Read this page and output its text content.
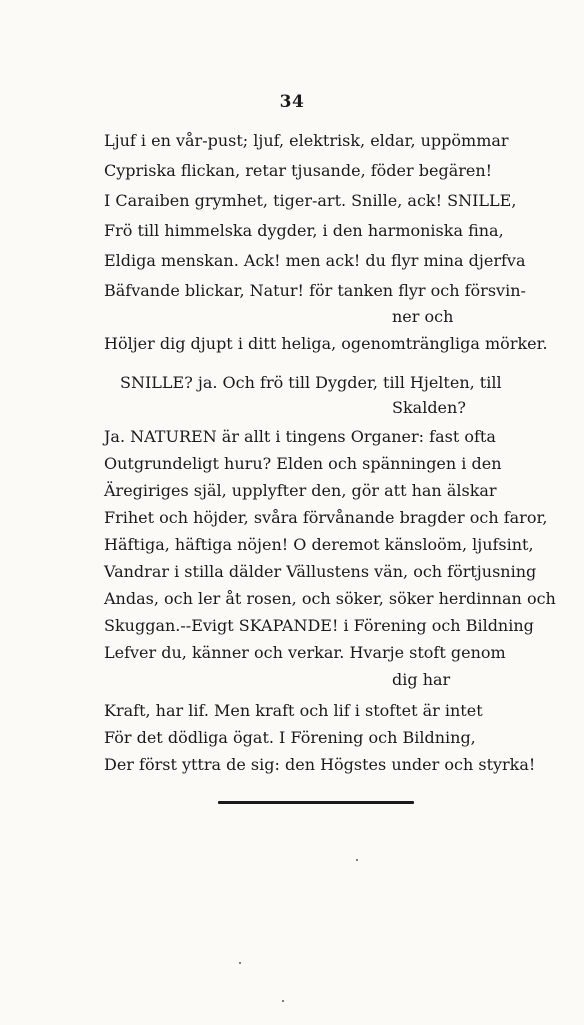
34
Ljuf i en vår-pust; ljuf, elektrisk, eldar, uppömmar
Cypriska flickan, retar tjusande, föder begären!
I Caraiben grymhet, tiger-art. Snille, ack! SNILLE,
Frö till himmelska dygder, i den harmoniska fina,
Eldiga menskan. Ack! men ack! du flyr mina djerfva
Bäfvande blickar, Natur! för tanken flyr och försvin-
ner och
Höljer dig djupt i ditt heliga, ogenomträngliga mörker.
SNILLE? ja. Och frö till Dygder, till Hjelten, till
Skalden?
Ja. NATUREN är allt i tingens Organer: fast ofta
Outgrundeligt huru? Elden och spänningen i den
Äregiriges själ, upplyfter den, gör att han älskar
Frihet och höjder, svåra förvånande bragder och faror,
Häftiga, häftiga nöjen! O deremot känsloöm, ljufsint,
Vandrar i stilla dälder Vällustens vän, och förtjusning
Andas, och ler åt rosen, och söker, söker herdinnan och
Skuggan.--Evigt SKAPANDE! i Förening och Bildning
Lefver du, känner och verkar. Hvarje stoft genom
dig har
Kraft, har lif. Men kraft och lif i stoftet är intet
För det dödliga ögat. I Förening och Bildning,
Der först yttra de sig: den Högstes under och styrka!
